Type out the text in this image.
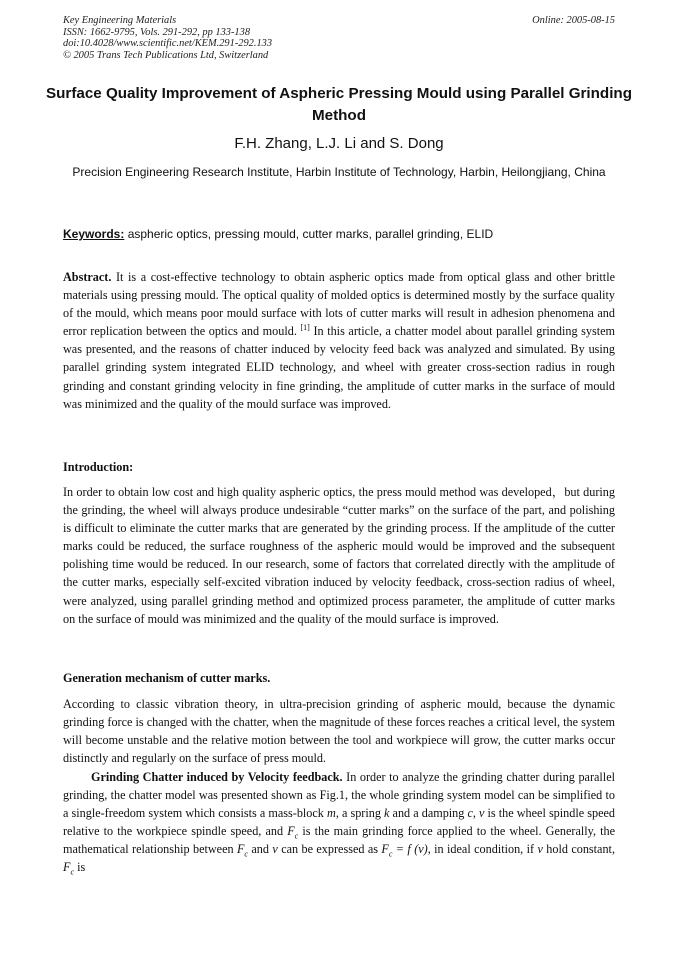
Key Engineering Materials
ISSN: 1662-9795, Vols. 291-292, pp 133-138
doi:10.4028/www.scientific.net/KEM.291-292.133
© 2005 Trans Tech Publications Ltd, Switzerland
Online: 2005-08-15
Surface Quality Improvement of Aspheric Pressing Mould using Parallel Grinding Method
F.H. Zhang, L.J. Li and S. Dong
Precision Engineering Research Institute, Harbin Institute of Technology, Harbin, Heilongjiang, China
Keywords: aspheric optics, pressing mould, cutter marks, parallel grinding, ELID
Abstract. It is a cost-effective technology to obtain aspheric optics made from optical glass and other brittle materials using pressing mould. The optical quality of molded optics is determined mostly by the surface quality of the mould, which means poor mould surface with lots of cutter marks will result in adhesion phenomena and error replication between the optics and mould. [1] In this article, a chatter model about parallel grinding system was presented, and the reasons of chatter induced by velocity feed back was analyzed and simulated. By using parallel grinding system integrated ELID technology, and wheel with greater cross-section radius in rough grinding and constant grinding velocity in fine grinding, the amplitude of cutter marks in the surface of mould was minimized and the quality of the mould surface was improved.
Introduction:
In order to obtain low cost and high quality aspheric optics, the press mould method was developed，but during the grinding, the wheel will always produce undesirable “cutter marks” on the surface of the part, and polishing is difficult to eliminate the cutter marks that are generated by the grinding process. If the amplitude of the cutter marks could be reduced, the surface roughness of the aspheric mould would be improved and the subsequent polishing time would be reduced. In our research, some of factors that correlated directly with the amplitude of the cutter marks, especially self-excited vibration induced by velocity feedback, cross-section radius of wheel, were analyzed, using parallel grinding method and optimized process parameter, the amplitude of cutter marks on the surface of mould was minimized and the quality of the mould surface is improved.
Generation mechanism of cutter marks.
According to classic vibration theory, in ultra-precision grinding of aspheric mould, because the dynamic grinding force is changed with the chatter, when the magnitude of these forces reaches a critical level, the system will become unstable and the relative motion between the tool and workpiece will grow, the cutter marks occur distinctly and regularly on the surface of press mould.
Grinding Chatter induced by Velocity feedback. In order to analyze the grinding chatter during parallel grinding, the chatter model was presented shown as Fig.1, the whole grinding system model can be simplified to a single-freedom system which consists a mass-block m, a spring k and a damping c, v is the wheel spindle speed relative to the workpiece spindle speed, and $F_c$ is the main grinding force applied to the wheel. Generally, the mathematical relationship between $F_c$ and v can be expressed as $F_c = f$ (v), in ideal condition, if v hold constant, $F_c$ is
